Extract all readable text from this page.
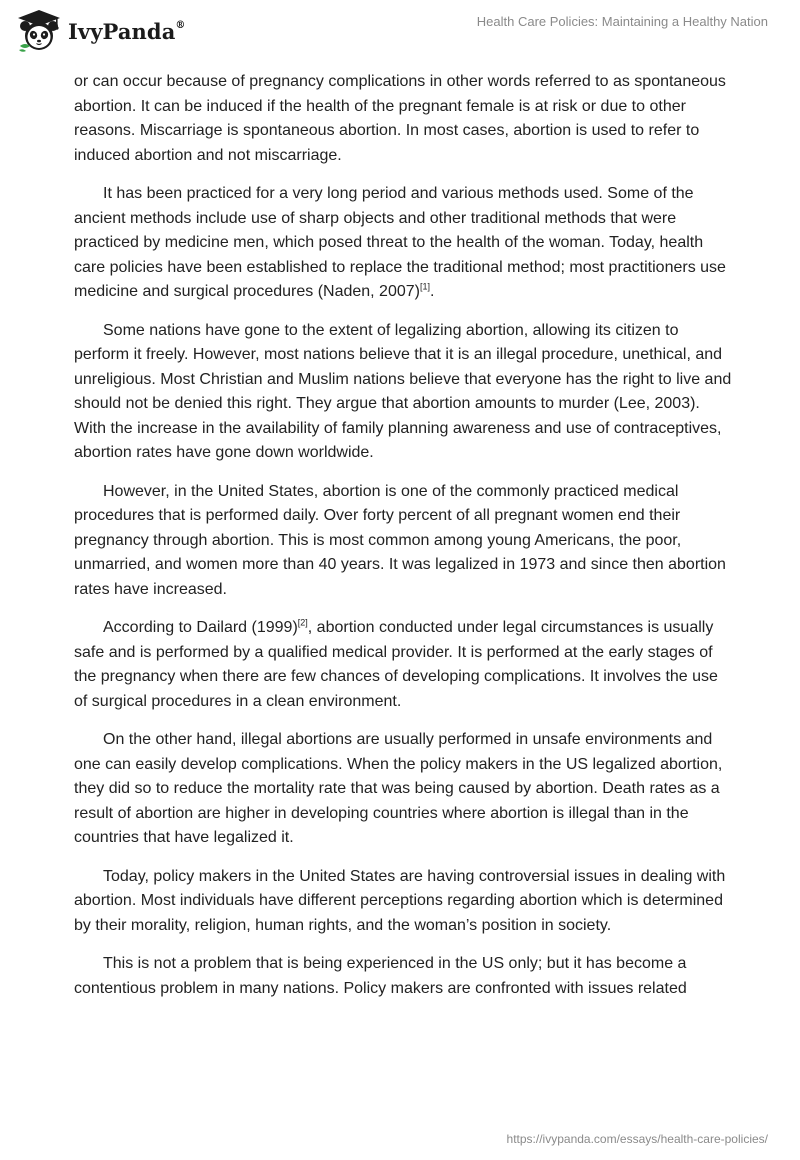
IvyPanda®	Health Care Policies: Maintaining a Healthy Nation

or can occur because of pregnancy complications in other words referred to as spontaneous abortion. It can be induced if the health of the pregnant female is at risk or due to other reasons. Miscarriage is spontaneous abortion. In most cases, abortion is used to refer to induced abortion and not miscarriage.

It has been practiced for a very long period and various methods used. Some of the ancient methods include use of sharp objects and other traditional methods that were practiced by medicine men, which posed threat to the health of the woman. Today, health care policies have been established to replace the traditional method; most practitioners use medicine and surgical procedures (Naden, 2007)[1].

Some nations have gone to the extent of legalizing abortion, allowing its citizen to perform it freely. However, most nations believe that it is an illegal procedure, unethical, and unreligious. Most Christian and Muslim nations believe that everyone has the right to live and should not be denied this right. They argue that abortion amounts to murder (Lee, 2003). With the increase in the availability of family planning awareness and use of contraceptives, abortion rates have gone down worldwide.

However, in the United States, abortion is one of the commonly practiced medical procedures that is performed daily. Over forty percent of all pregnant women end their pregnancy through abortion. This is most common among young Americans, the poor, unmarried, and women more than 40 years. It was legalized in 1973 and since then abortion rates have increased.

According to Dailard (1999)[2], abortion conducted under legal circumstances is usually safe and is performed by a qualified medical provider. It is performed at the early stages of the pregnancy when there are few chances of developing complications. It involves the use of surgical procedures in a clean environment.

On the other hand, illegal abortions are usually performed in unsafe environments and one can easily develop complications. When the policy makers in the US legalized abortion, they did so to reduce the mortality rate that was being caused by abortion. Death rates as a result of abortion are higher in developing countries where abortion is illegal than in the countries that have legalized it.

Today, policy makers in the United States are having controversial issues in dealing with abortion. Most individuals have different perceptions regarding abortion which is determined by their morality, religion, human rights, and the woman’s position in society.

This is not a problem that is being experienced in the US only; but it has become a contentious problem in many nations. Policy makers are confronted with issues related

https://ivypanda.com/essays/health-care-policies/
